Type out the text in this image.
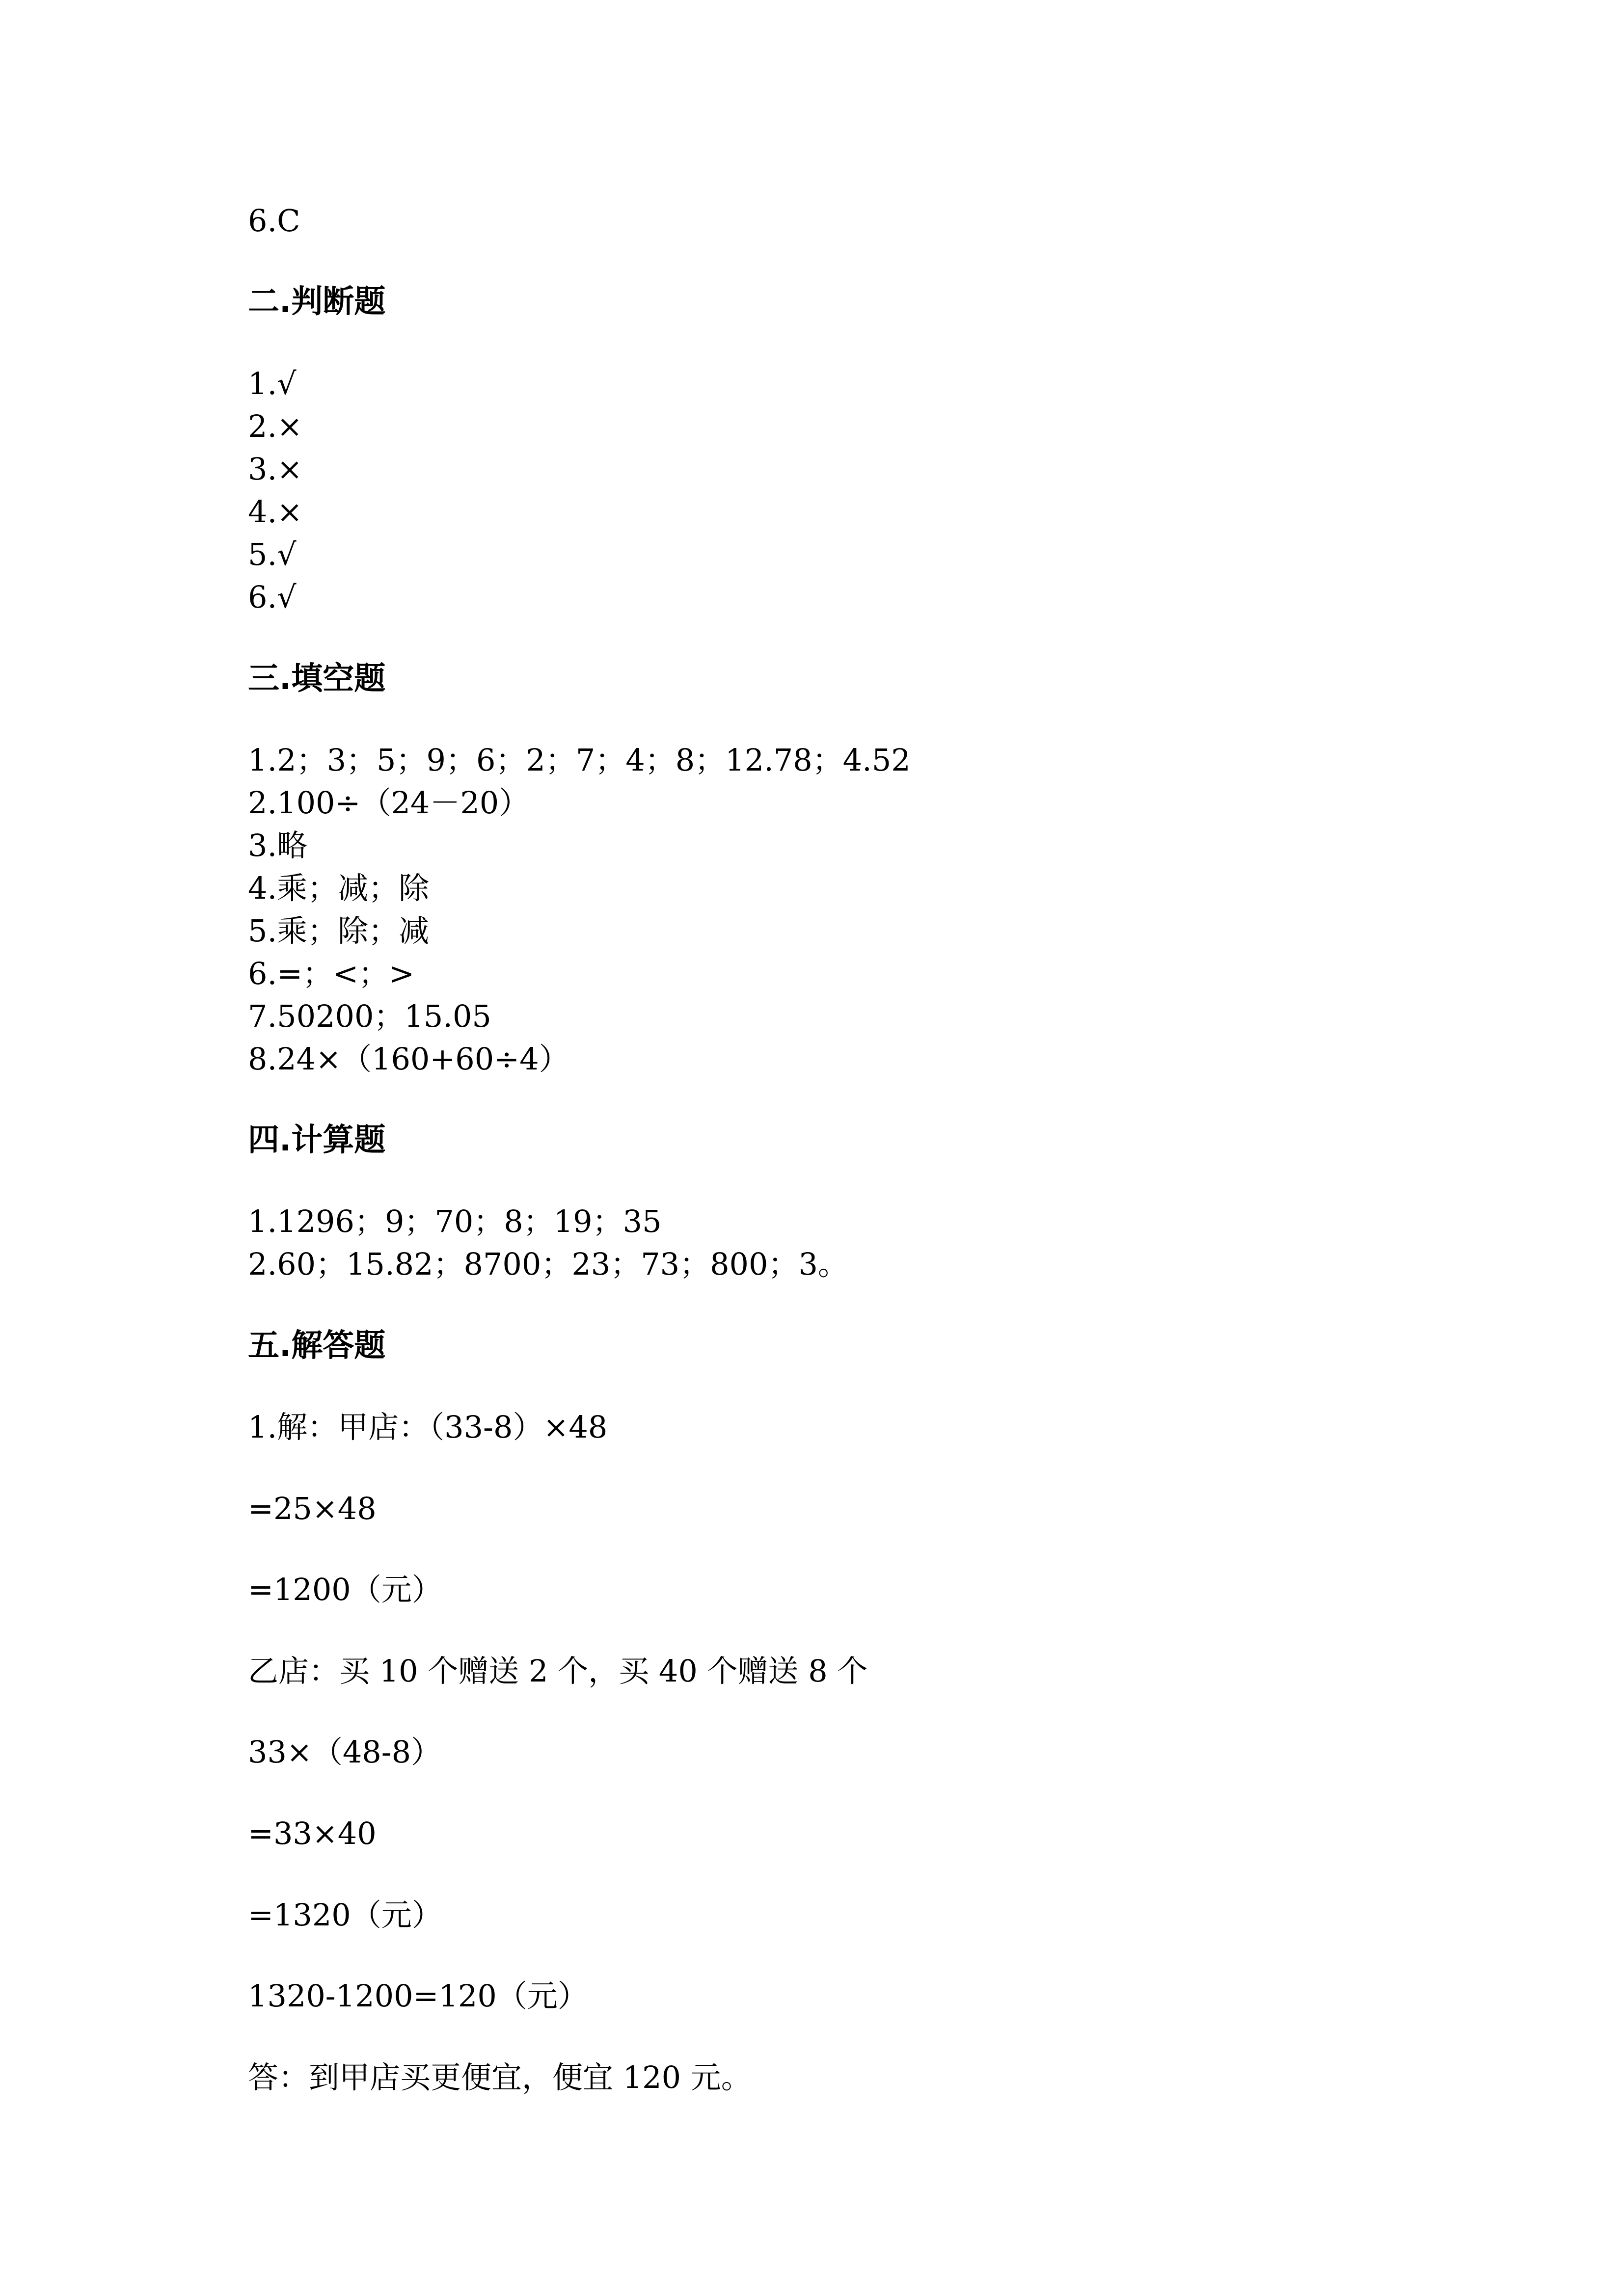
6.C

二.判断题

1.√

2.×

3.×

4.×

5.√

6.√

三.填空题

1.2；3；5；9；6；2；7；4；8；12.78；4.52

2.100÷（24－20）

3.略

4.乘；减；除

5.乘；除；减

6.=；<；>

7.50200；15.05

8.24×（160+60÷4）

四.计算题

1.1296；9；70；8；19；35

2.60；15.82；8700；23；73；800；3。

五.解答题

1.解：甲店：（33-8）×48

=25×48

=1200（元）

乙店：买 10 个赠送 2 个，买 40 个赠送 8 个

33×（48-8）

=33×40

=1320（元）

1320-1200=120（元）

答：到甲店买更便宜，便宜 120 元。
